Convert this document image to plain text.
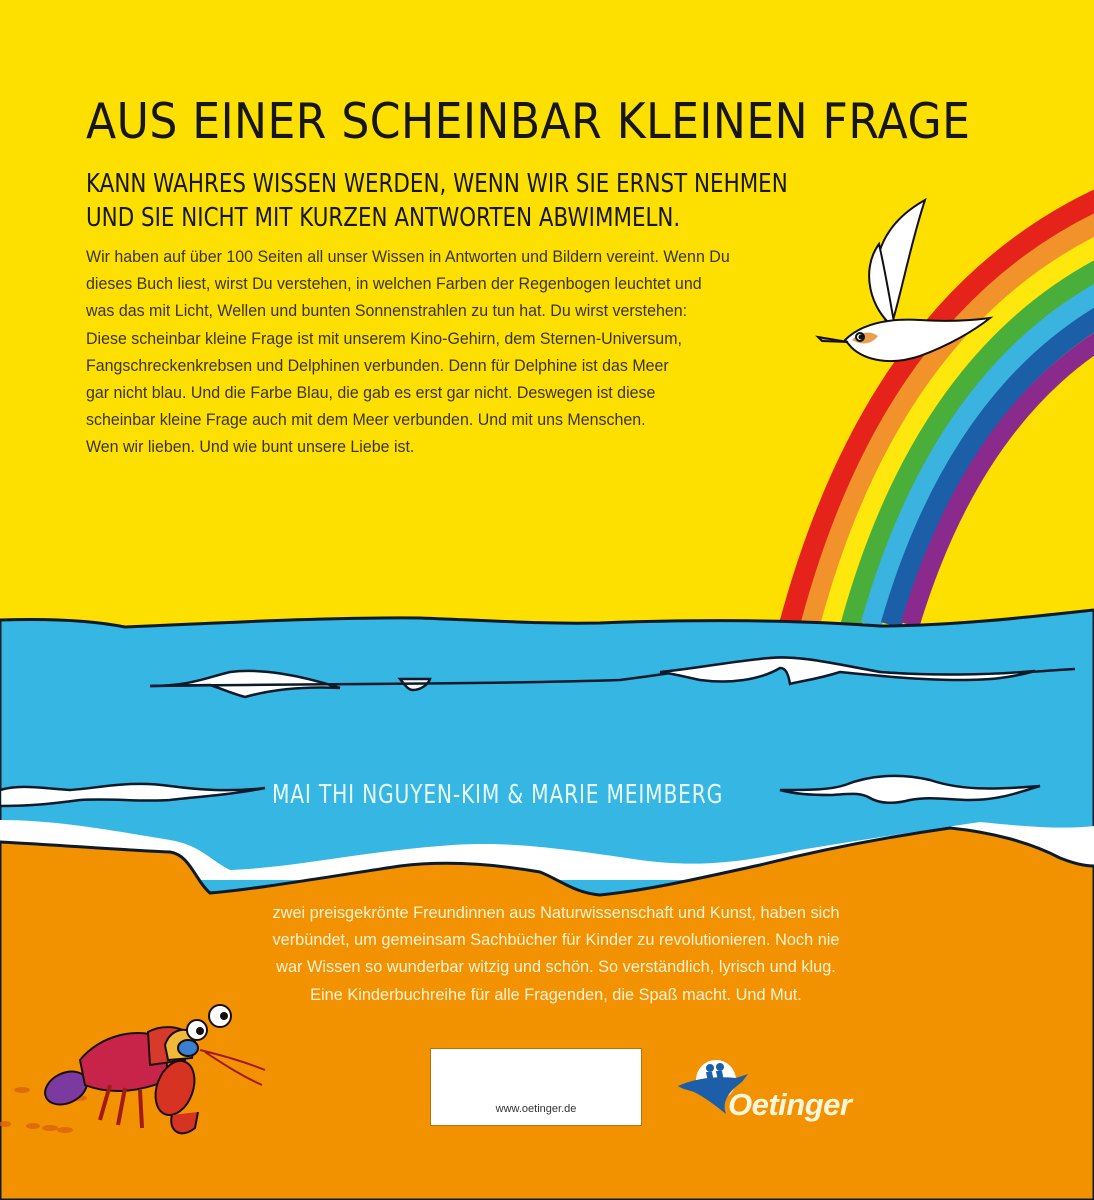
AUS EINER SCHEINBAR KLEINEN FRAGE
KANN WAHRES WISSEN WERDEN, WENN WIR SIE ERNST NEHMEN
UND SIE NICHT MIT KURZEN ANTWORTEN ABWIMMELN.
Wir haben auf über 100 Seiten all unser Wissen in Antworten und Bildern vereint. Wenn Du
dieses Buch liest, wirst Du verstehen, in welchen Farben der Regenbogen leuchtet und
was das mit Licht, Wellen und bunten Sonnenstrahlen zu tun hat. Du wirst verstehen:
Diese scheinbar kleine Frage ist mit unserem Kino-Gehirn, dem Sternen-Universum,
Fangschreckenkrebsen und Delphinen verbunden. Denn für Delphine ist das Meer
gar nicht blau. Und die Farbe Blau, die gab es erst gar nicht. Deswegen ist diese
scheinbar kleine Frage auch mit dem Meer verbunden. Und mit uns Menschen.
Wen wir lieben. Und wie bunt unsere Liebe ist.
MAI THI NGUYEN-KIM & MARIE MEIMBERG
zwei preisgekrönte Freundinnen aus Naturwissenschaft und Kunst, haben sich
verbündet, um gemeinsam Sachbücher für Kinder zu revolutionieren. Noch nie
war Wissen so wunderbar witzig und schön. So verständlich, lyrisch und klug.
Eine Kinderbuchreihe für alle Fragenden, die Spaß macht. Und Mut.
www.oetinger.de	Oetinger
